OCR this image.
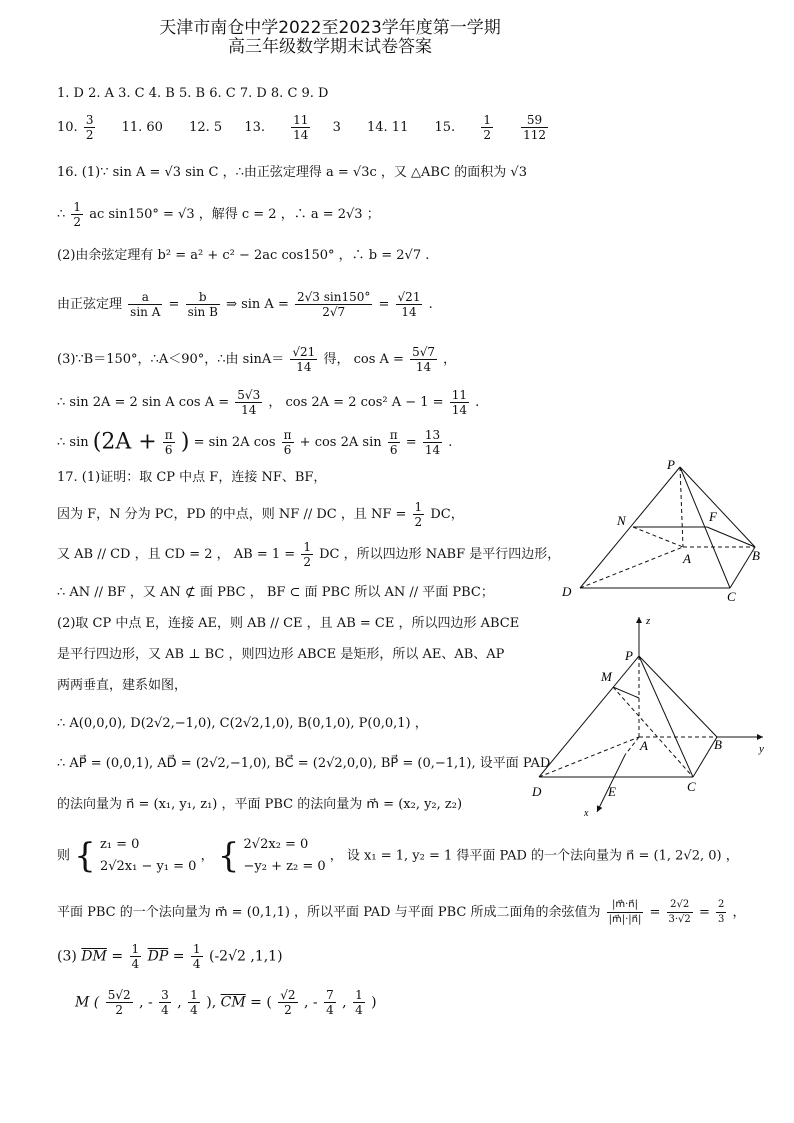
天津市南仓中学2022至2023学年度第一学期
高三年级数学期末试卷答案
1. D 2. A 3. C 4. B 5. B 6. C 7. D 8. C 9. D
10. $\frac{3}{2} 11$. 60 12. 5 13. $\frac{11}{14} 3$ 14. 11 15. $\frac{1}{2}$
$\frac{59}{112}$
16. (1)∵ sin A = √3 sin C ，∴由正弦定理得 a = √3c ，又 △ABC 的面积为 √3
∴ $\frac{1}{2}$ ac sin150° = √3 ，解得 c = 2 ，∴ a = 2√3 ；
(2)由余弦定理有 b² = a² + c² − 2ac cos150° ，∴ b = 2√7 .
由正弦定理 $\frac{a}{\text{sin A}} = \frac{b}{\text{sin B}}$ ⇒ $\sin A = \frac{2√3 \sin 150^\circ}{2√7} = \frac{√21}{14}$ .
(3)∵B＝150°，∴A＜90°，∴由 $\sin A= \frac{√21}{14}$ 得， $\cos A = \frac{5√7}{14}$ ，
∴ sin 2A = 2 sin A $\cos A = \frac{5√3}{14}$ ， cos 2A = 2 cos² $A - 1 = \frac{11}{14}$ .
∴ $\sin (2A + \frac{\pi}{6}$ ) = sin 2A $\cos \frac{\pi}{6} + \cos 2A$ $\sin \frac{\pi}{6} = \frac{13}{14}$ .
17. (1)证明：取 CP 中点 F，连接 NF、BF，
因为 F，N 分为 PC，PD 的中点，则 NF // DC ，且 NF = $\frac{1}{2}$ DC，
又 AB // CD ，且 CD = 2 ， AB = $1 = \frac{1}{2}$ DC ，所以四边形 NABF 是平行四边形，
∴ AN // BF ，又 AN ⊄ 面 PBC ， BF ⊂ 面 PBC 所以 AN // 平面 PBC；
(2)取 CP 中点 E，连接 AE，则 AB // CE ，且 AB = CE ，所以四边形 ABCE
是平行四边形，又 AB ⊥ BC ，则四边形 ABCE 是矩形，所以 AE、AB、AP
两两垂直，建系如图，
∴ A(0,0,0), D(2√2,−1,0), C(2√2,1,0), B(0,1,0), P(0,0,1) ，
∴ AP⃗ = (0,0,1), AD⃗ = (2√2,−1,0), BC⃗ = (2√2,0,0), BP⃗ = (0,−1,1), 设平面 PAD
的法向量为 n⃗ = (x₁, y₁, z₁) ，平面 PBC 的法向量为 m⃗ = (x₂, y₂, z₂)
则 { z₁ = 0
2√2x₁ − y₁ = 0
， { 2√2x₂ = 0
−y₂ + z₂ = 0
， 设 x₁ = 1, y₂ = 1 得平面 PAD 的一个法向量为 n⃗ = (1, 2√2, 0) ，
平面 PBC 的一个法向量为 m⃗ = (0,1,1) ，所以平面 PAD 与平面 PBC 所成二面角的余弦值为 $\frac{|m⃗\cdot n⃗|}{|m⃗|\cdot|n⃗|} = \frac{2√2}{3\cdot√2} = \frac{2}{3}$ ，
(3) $\overline{DM} = \frac{1}{4} \overline{DP} = \frac{1}{4} (-2√2$ ,1,1)
M ( $\frac{5√2}{2}$ , - $\frac{3}{4}$ , $\frac{1}{4}$ ), $\overline{CM}$ = ( $\frac{√2}{2}$ , - $\frac{7}{4}$ , $\frac{1}{4}$ )
P
N	F
A	B
D	C
z
P
M
A	B	y
D	E	C
x
